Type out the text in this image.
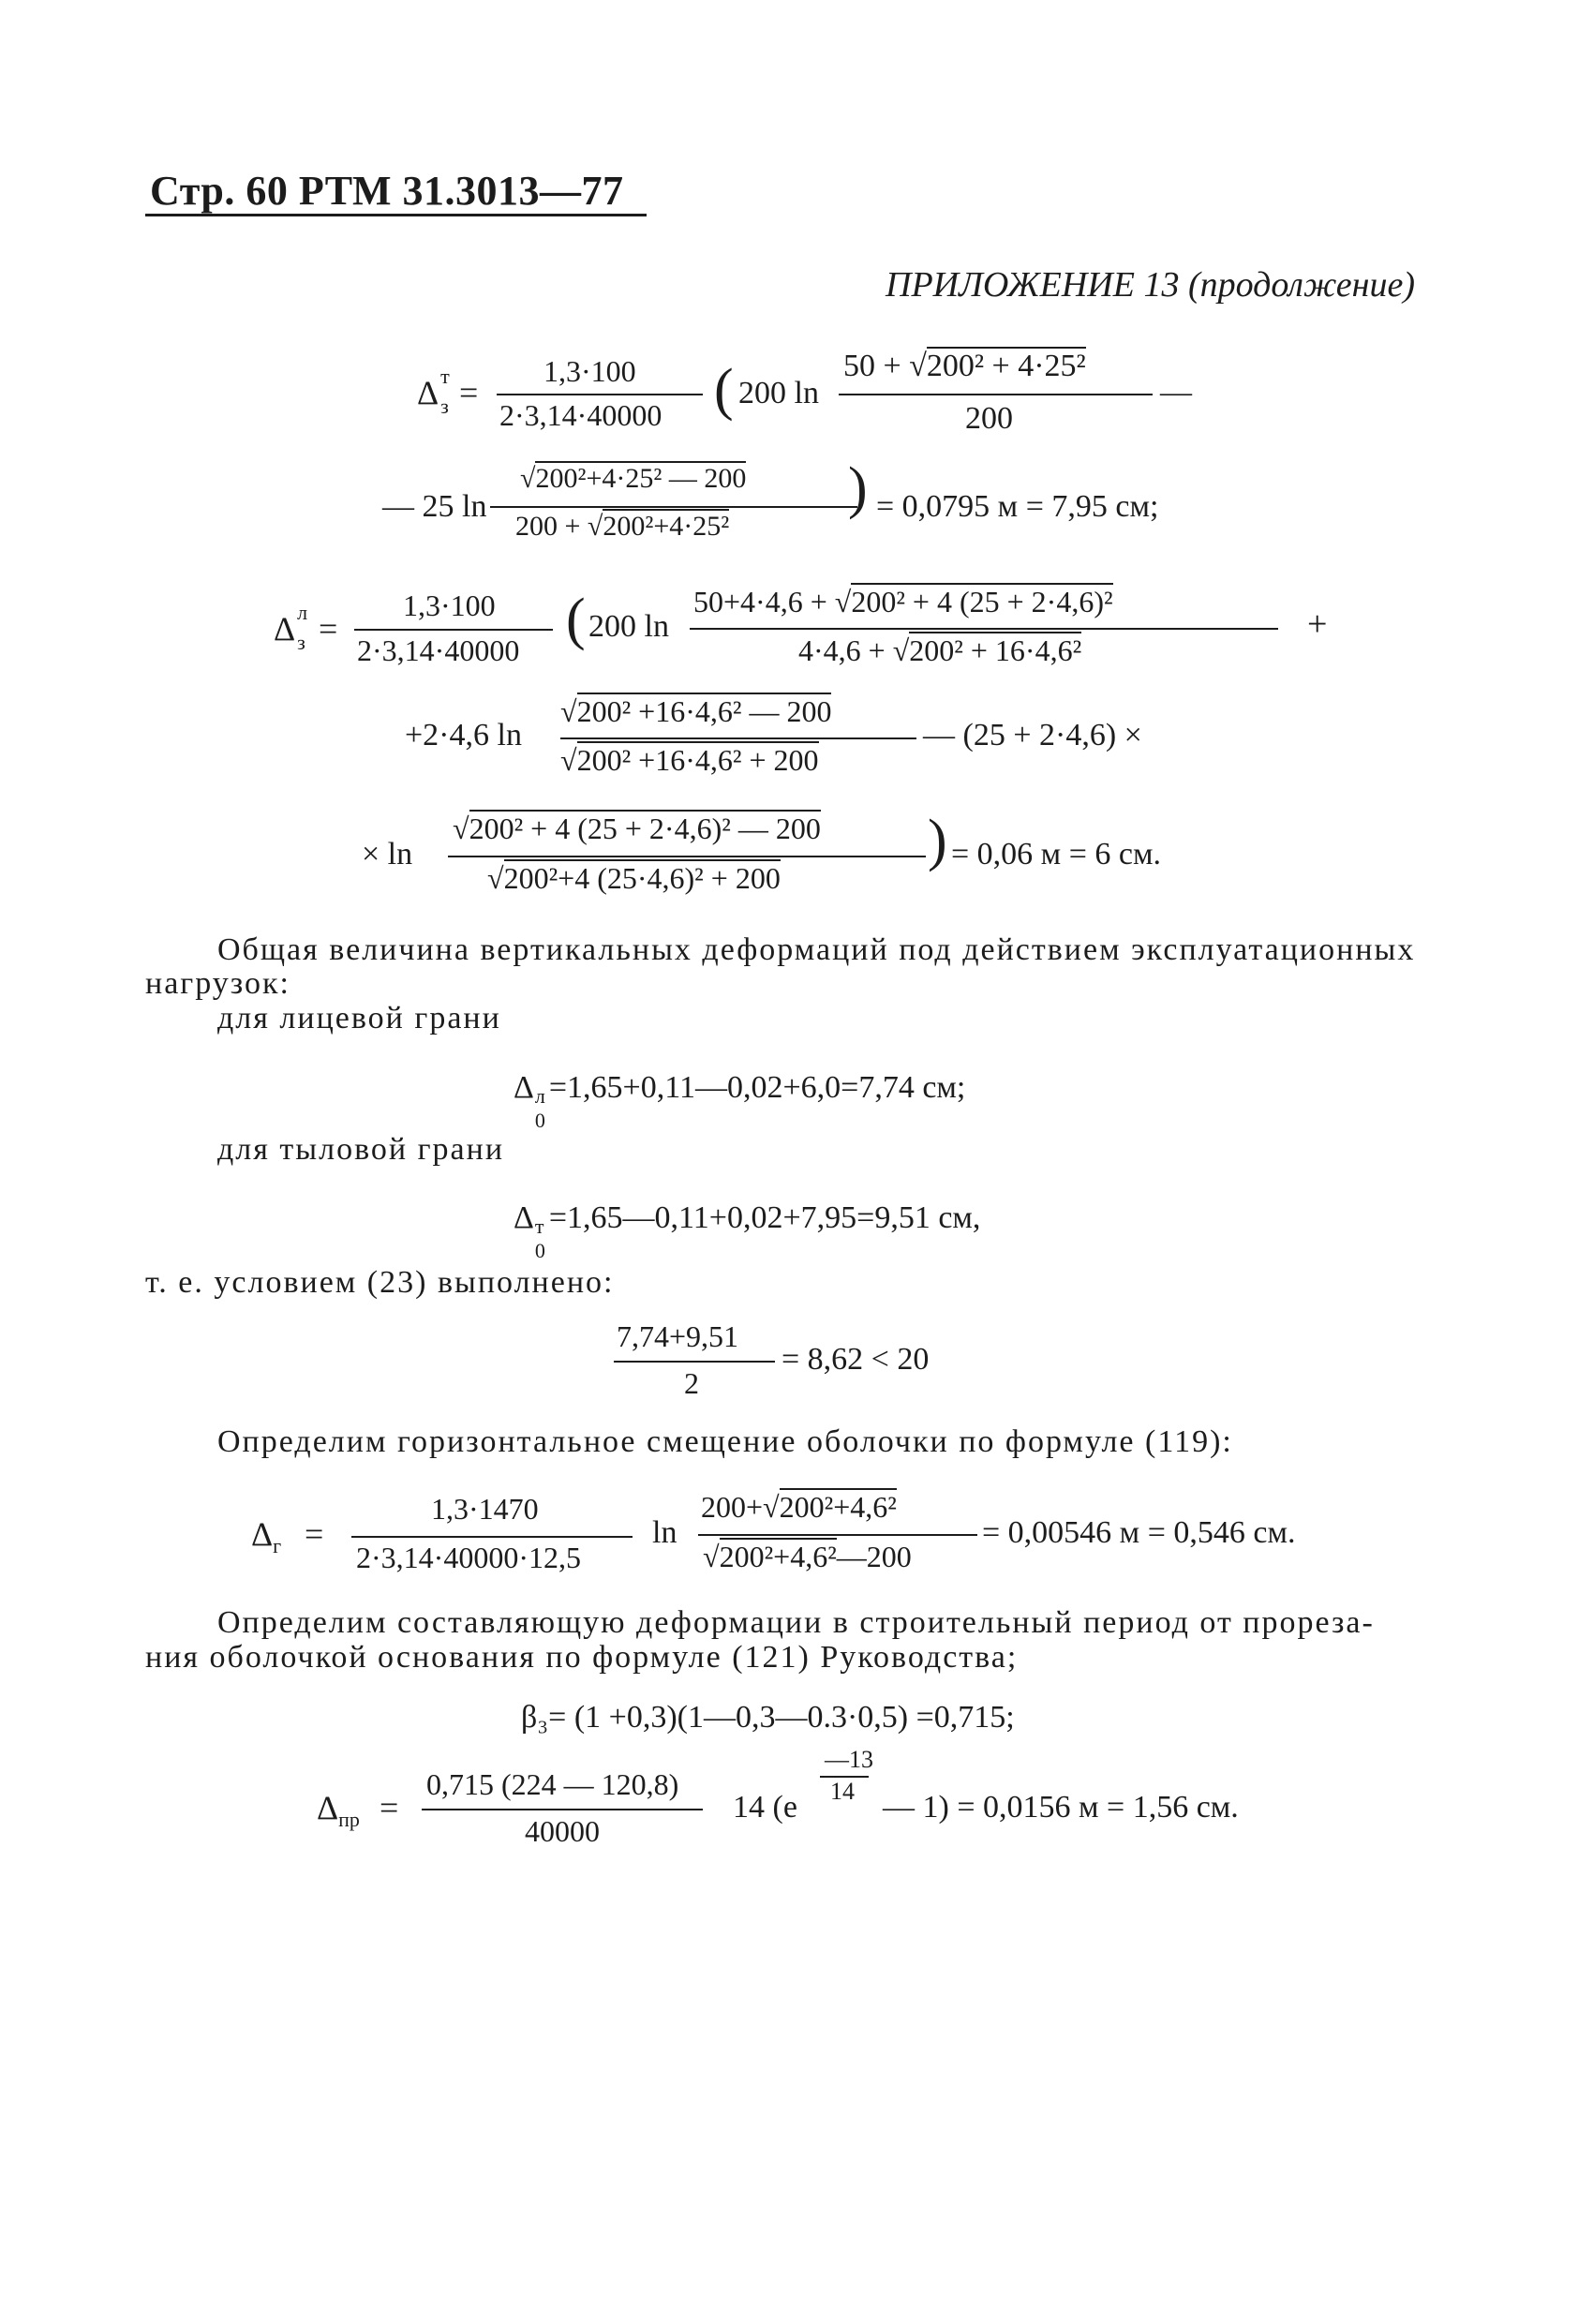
Стр. 60 РТМ 31.3013—77
ПРИЛОЖЕНИЕ 13 (продолжение)
Δ т
з =
1,3·100
2·3,14·40000 ( 200 ln
50 + √200² + 4·25²
200
—
— 25 ln
√200²+4·25² — 200
200 + √200²+4·25²
) = 0,0795 м = 7,95 см;
Δ л
з =
1,3·100
2·3,14·40000 ( 200 ln
50+4·4,6 + √200² + 4 (25 + 2·4,6)²
4·4,6 + √200² + 16·4,6²
+
+2·4,6 ln
√200² +16·4,6² — 200
√200² +16·4,6² + 200
— (25 + 2·4,6) ×
× ln
√200² + 4 (25 + 2·4,6)² — 200
√200²+4 (25·4,6)² + 200
) = 0,06 м = 6 см.
Общая величина вертикальных деформаций под действием эксплуатационных
нагрузок:
для лицевой грани
Δ л
0
=1,65+0,11—0,02+6,0=7,74 см;
для тыловой грани
Δ т
0
=1,65—0,11+0,02+7,95=9,51 см,
т. е. условием (23) выполнено:
7,74+9,51
2
= 8,62 < 20
Определим горизонтальное смещение оболочки по формуле (119):
$\Delta_г$ =
1,3·1470
2·3,14·40000·12,5
ln
200+√200²+4,6²
√200²+4,6²—200
= 0,00546 м = 0,546 см.
Определим составляющую деформации в строительный период от прореза-
ния оболочкой основания по формуле (121) Руководства;
β₃= (1 +0,3)(1—0,3—0.3·0,5) =0,715;
$\Delta_{пр}$ =
0,715 (224 — 120,8)
40000
14 (e
—13
14 — 1) = 0,0156 м = 1,56 см.
